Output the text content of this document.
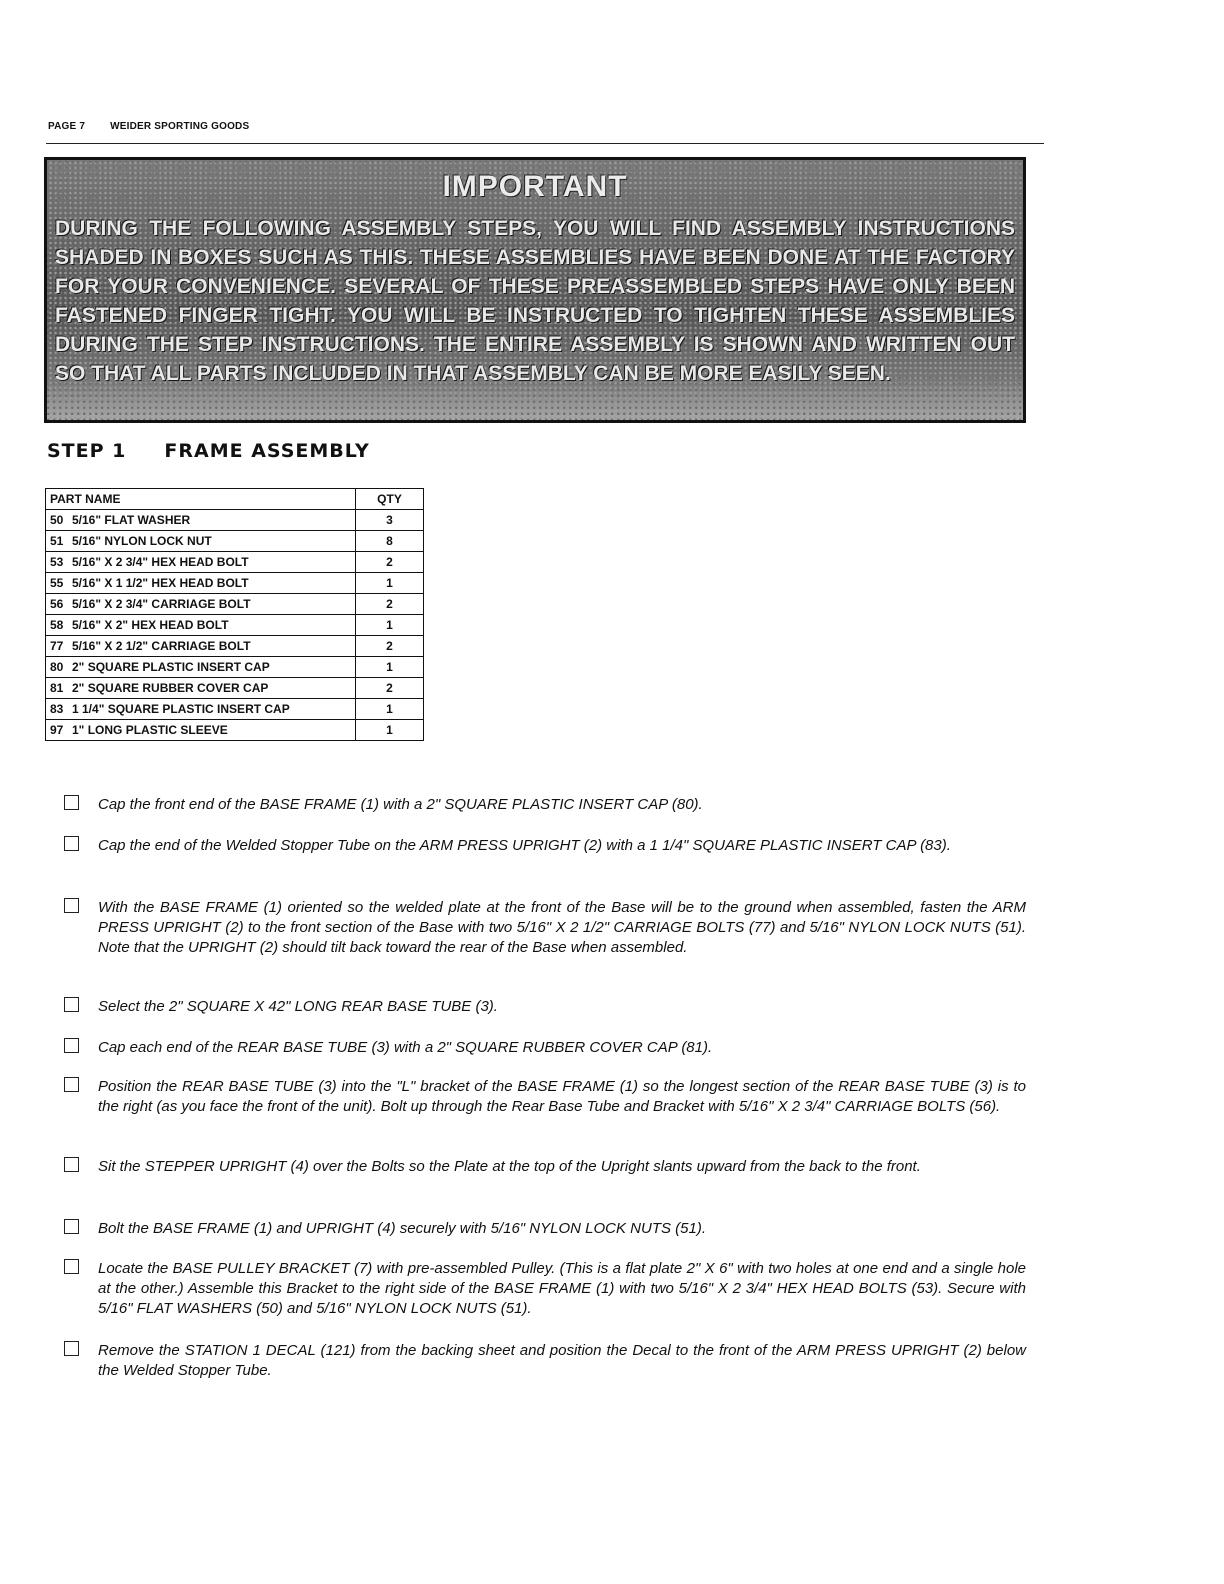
PAGE 7 WEIDER SPORTING GOODS
IMPORTANT
DURING THE FOLLOWING ASSEMBLY STEPS, YOU WILL FIND ASSEMBLY INSTRUCTIONS SHADED IN BOXES SUCH AS THIS. THESE ASSEMBLIES HAVE BEEN DONE AT THE FACTORY FOR YOUR CONVENIENCE. SEVERAL OF THESE PREASSEMBLED STEPS HAVE ONLY BEEN FASTENED FINGER TIGHT. YOU WILL BE INSTRUCTED TO TIGHTEN THESE ASSEMBLIES DURING THE STEP INSTRUCTIONS. THE ENTIRE ASSEMBLY IS SHOWN AND WRITTEN OUT SO THAT ALL PARTS INCLUDED IN THAT ASSEMBLY CAN BE MORE EASILY SEEN.
STEP 1 FRAME ASSEMBLY
PART NAME	QTY
50 5/16" FLAT WASHER	3
51 5/16" NYLON LOCK NUT	8
53 5/16" X 2 3/4" HEX HEAD BOLT	2
55 5/16" X 1 1/2" HEX HEAD BOLT	1
56 5/16" X 2 3/4" CARRIAGE BOLT	2
58 5/16" X 2" HEX HEAD BOLT	1
77 5/16" X 2 1/2" CARRIAGE BOLT	2
80 2" SQUARE PLASTIC INSERT CAP	1
81 2" SQUARE RUBBER COVER CAP	2
83 1 1/4" SQUARE PLASTIC INSERT CAP	1
97 1" LONG PLASTIC SLEEVE	1
Cap the front end of the BASE FRAME (1) with a 2" SQUARE PLASTIC INSERT CAP (80).
Cap the end of the Welded Stopper Tube on the ARM PRESS UPRIGHT (2) with a 1 1/4" SQUARE PLASTIC INSERT CAP (83).
With the BASE FRAME (1) oriented so the welded plate at the front of the Base will be to the ground when assembled, fasten the ARM PRESS UPRIGHT (2) to the front section of the Base with two 5/16" X 2 1/2" CARRIAGE BOLTS (77) and 5/16" NYLON LOCK NUTS (51). Note that the UPRIGHT (2) should tilt back toward the rear of the Base when assembled.
Select the 2" SQUARE X 42" LONG REAR BASE TUBE (3).
Cap each end of the REAR BASE TUBE (3) with a 2" SQUARE RUBBER COVER CAP (81).
Position the REAR BASE TUBE (3) into the "L" bracket of the BASE FRAME (1) so the longest section of the REAR BASE TUBE (3) is to the right (as you face the front of the unit). Bolt up through the Rear Base Tube and Bracket with 5/16" X 2 3/4" CARRIAGE BOLTS (56).
Sit the STEPPER UPRIGHT (4) over the Bolts so the Plate at the top of the Upright slants upward from the back to the front.
Bolt the BASE FRAME (1) and UPRIGHT (4) securely with 5/16" NYLON LOCK NUTS (51).
Locate the BASE PULLEY BRACKET (7) with pre-assembled Pulley. (This is a flat plate 2" X 6" with two holes at one end and a single hole at the other.) Assemble this Bracket to the right side of the BASE FRAME (1) with two 5/16" X 2 3/4" HEX HEAD BOLTS (53). Secure with 5/16" FLAT WASHERS (50) and 5/16" NYLON LOCK NUTS (51).
Remove the STATION 1 DECAL (121) from the backing sheet and position the Decal to the front of the ARM PRESS UPRIGHT (2) below the Welded Stopper Tube.
